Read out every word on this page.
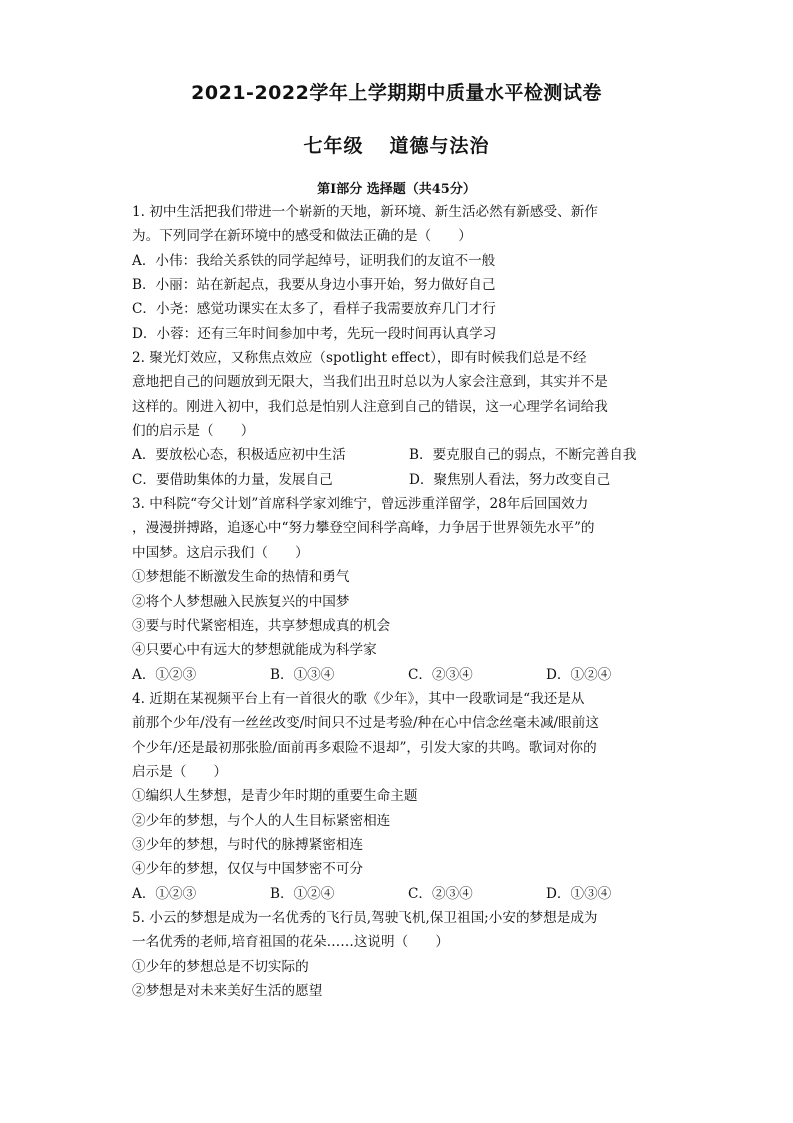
2021-2022学年上学期期中质量水平检测试卷
七年级 道德与法治
第Ⅰ部分 选择题（共45分）
1. 初中生活把我们带进一个崭新的天地，新环境、新生活必然有新感受、新作
为。下列同学在新环境中的感受和做法正确的是（　　）
A．小伟：我给关系铁的同学起绰号，证明我们的友谊不一般
B．小丽：站在新起点，我要从身边小事开始，努力做好自己
C．小尧：感觉功课实在太多了，看样子我需要放弃几门才行
D．小蓉：还有三年时间参加中考，先玩一段时间再认真学习
2. 聚光灯效应，又称焦点效应（spotlight effect），即有时候我们总是不经
意地把自己的问题放到无限大，当我们出丑时总以为人家会注意到，其实并不是
这样的。刚进入初中，我们总是怕别人注意到自己的错误，这一心理学名词给我
们的启示是（　　）
A．要放松心态，积极适应初中生活	B．要克服自己的弱点，不断完善自我
C．要借助集体的力量，发展自己	D．聚焦别人看法，努力改变自己
3. 中科院“夸父计划”首席科学家刘维宁，曾远涉重洋留学，28年后回国效力
，漫漫拼搏路，追逐心中“努力攀登空间科学高峰，力争居于世界领先水平”的
中国梦。这启示我们（　　）
①梦想能不断激发生命的热情和勇气
②将个人梦想融入民族复兴的中国梦
③要与时代紧密相连，共享梦想成真的机会
④只要心中有远大的梦想就能成为科学家
A．①②③	B．①③④	C．②③④	D．①②④
4. 近期在某视频平台上有一首很火的歌《少年》，其中一段歌词是“我还是从
前那个少年/没有一丝丝改变/时间只不过是考验/种在心中信念丝毫未减/眼前这
个少年/还是最初那张脸/面前再多艰险不退却”，引发大家的共鸣。歌词对你的
启示是（　　）
①编织人生梦想，是青少年时期的重要生命主题
②少年的梦想，与个人的人生目标紧密相连
③少年的梦想，与时代的脉搏紧密相连
④少年的梦想，仅仅与中国梦密不可分
A．①②③	B．①②④	C．②③④	D．①③④
5. 小云的梦想是成为一名优秀的飞行员,驾驶飞机,保卫祖国;小安的梦想是成为
一名优秀的老师,培育祖国的花朵……这说明（　　）
①少年的梦想总是不切实际的
②梦想是对未来美好生活的愿望
